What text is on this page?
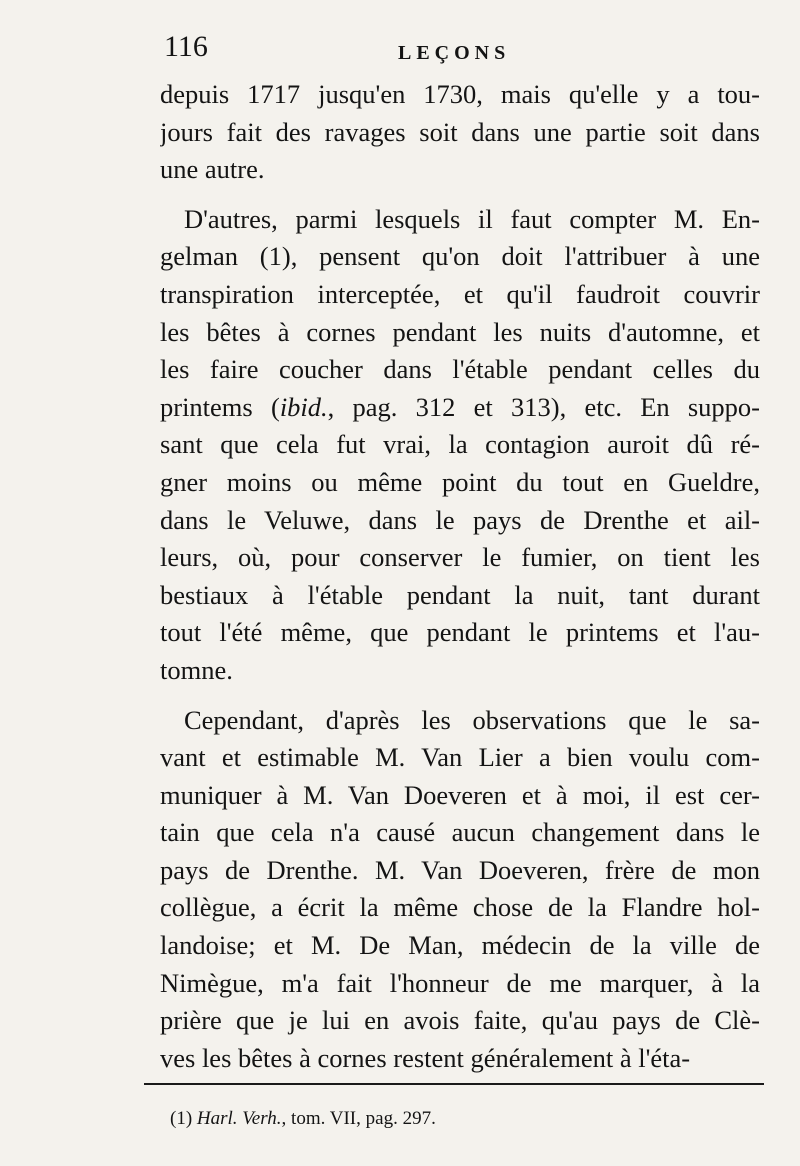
116	LEÇONS
depuis 1717 jusqu'en 1730, mais qu'elle y a tou-
jours fait des ravages soit dans une partie soit dans
une autre.
D'autres, parmi lesquels il faut compter M. En-
gelman (1), pensent qu'on doit l'attribuer à une
transpiration interceptée, et qu'il faudroit couvrir
les bêtes à cornes pendant les nuits d'automne, et
les faire coucher dans l'étable pendant celles du
printems (ibid., pag. 312 et 313), etc. En suppo-
sant que cela fut vrai, la contagion auroit dû ré-
gner moins ou même point du tout en Gueldre,
dans le Veluwe, dans le pays de Drenthe et ail-
leurs, où, pour conserver le fumier, on tient les
bestiaux à l'étable pendant la nuit, tant durant
tout l'été même, que pendant le printems et l'au-
tomne.
Cependant, d'après les observations que le sa-
vant et estimable M. Van Lier a bien voulu com-
muniquer à M. Van Doeveren et à moi, il est cer-
tain que cela n'a causé aucun changement dans le
pays de Drenthe. M. Van Doeveren, frère de mon
collègue, a écrit la même chose de la Flandre hol-
landoise; et M. De Man, médecin de la ville de
Nimègue, m'a fait l'honneur de me marquer, à la
prière que je lui en avois faite, qu'au pays de Clè-
ves les bêtes à cornes restent généralement à l'éta-
(1) Harl. Verh., tom. VII, pag. 297.
